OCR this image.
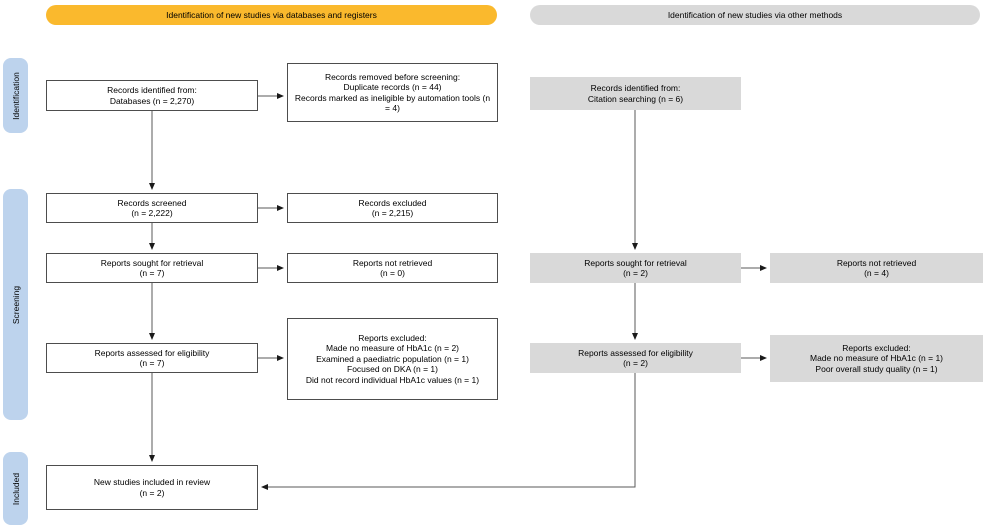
Identification of new studies via databases and registers	Identification of new studies via other methods
Identification
Screening
Included
Records identified from:
Databases (n = 2,270)
Records removed before screening:
Duplicate records (n = 44)
Records marked as ineligible by automation tools (n = 4)
Records screened
(n = 2,222)
Records excluded
(n = 2,215)
Reports sought for retrieval
(n = 7)
Reports not retrieved
(n = 0)
Reports assessed for eligibility
(n = 7)
Reports excluded:
Made no measure of HbA1c (n = 2)
Examined a paediatric population (n = 1)
Focused on DKA (n = 1)
Did not record individual HbA1c values (n = 1)
New studies included in review
(n = 2)
Records identified from:
Citation searching (n = 6)
Reports sought for retrieval
(n = 2)
Reports not retrieved
(n = 4)
Reports assessed for eligibility
(n = 2)
Reports excluded:
Made no measure of HbA1c (n = 1)
Poor overall study quality (n = 1)
